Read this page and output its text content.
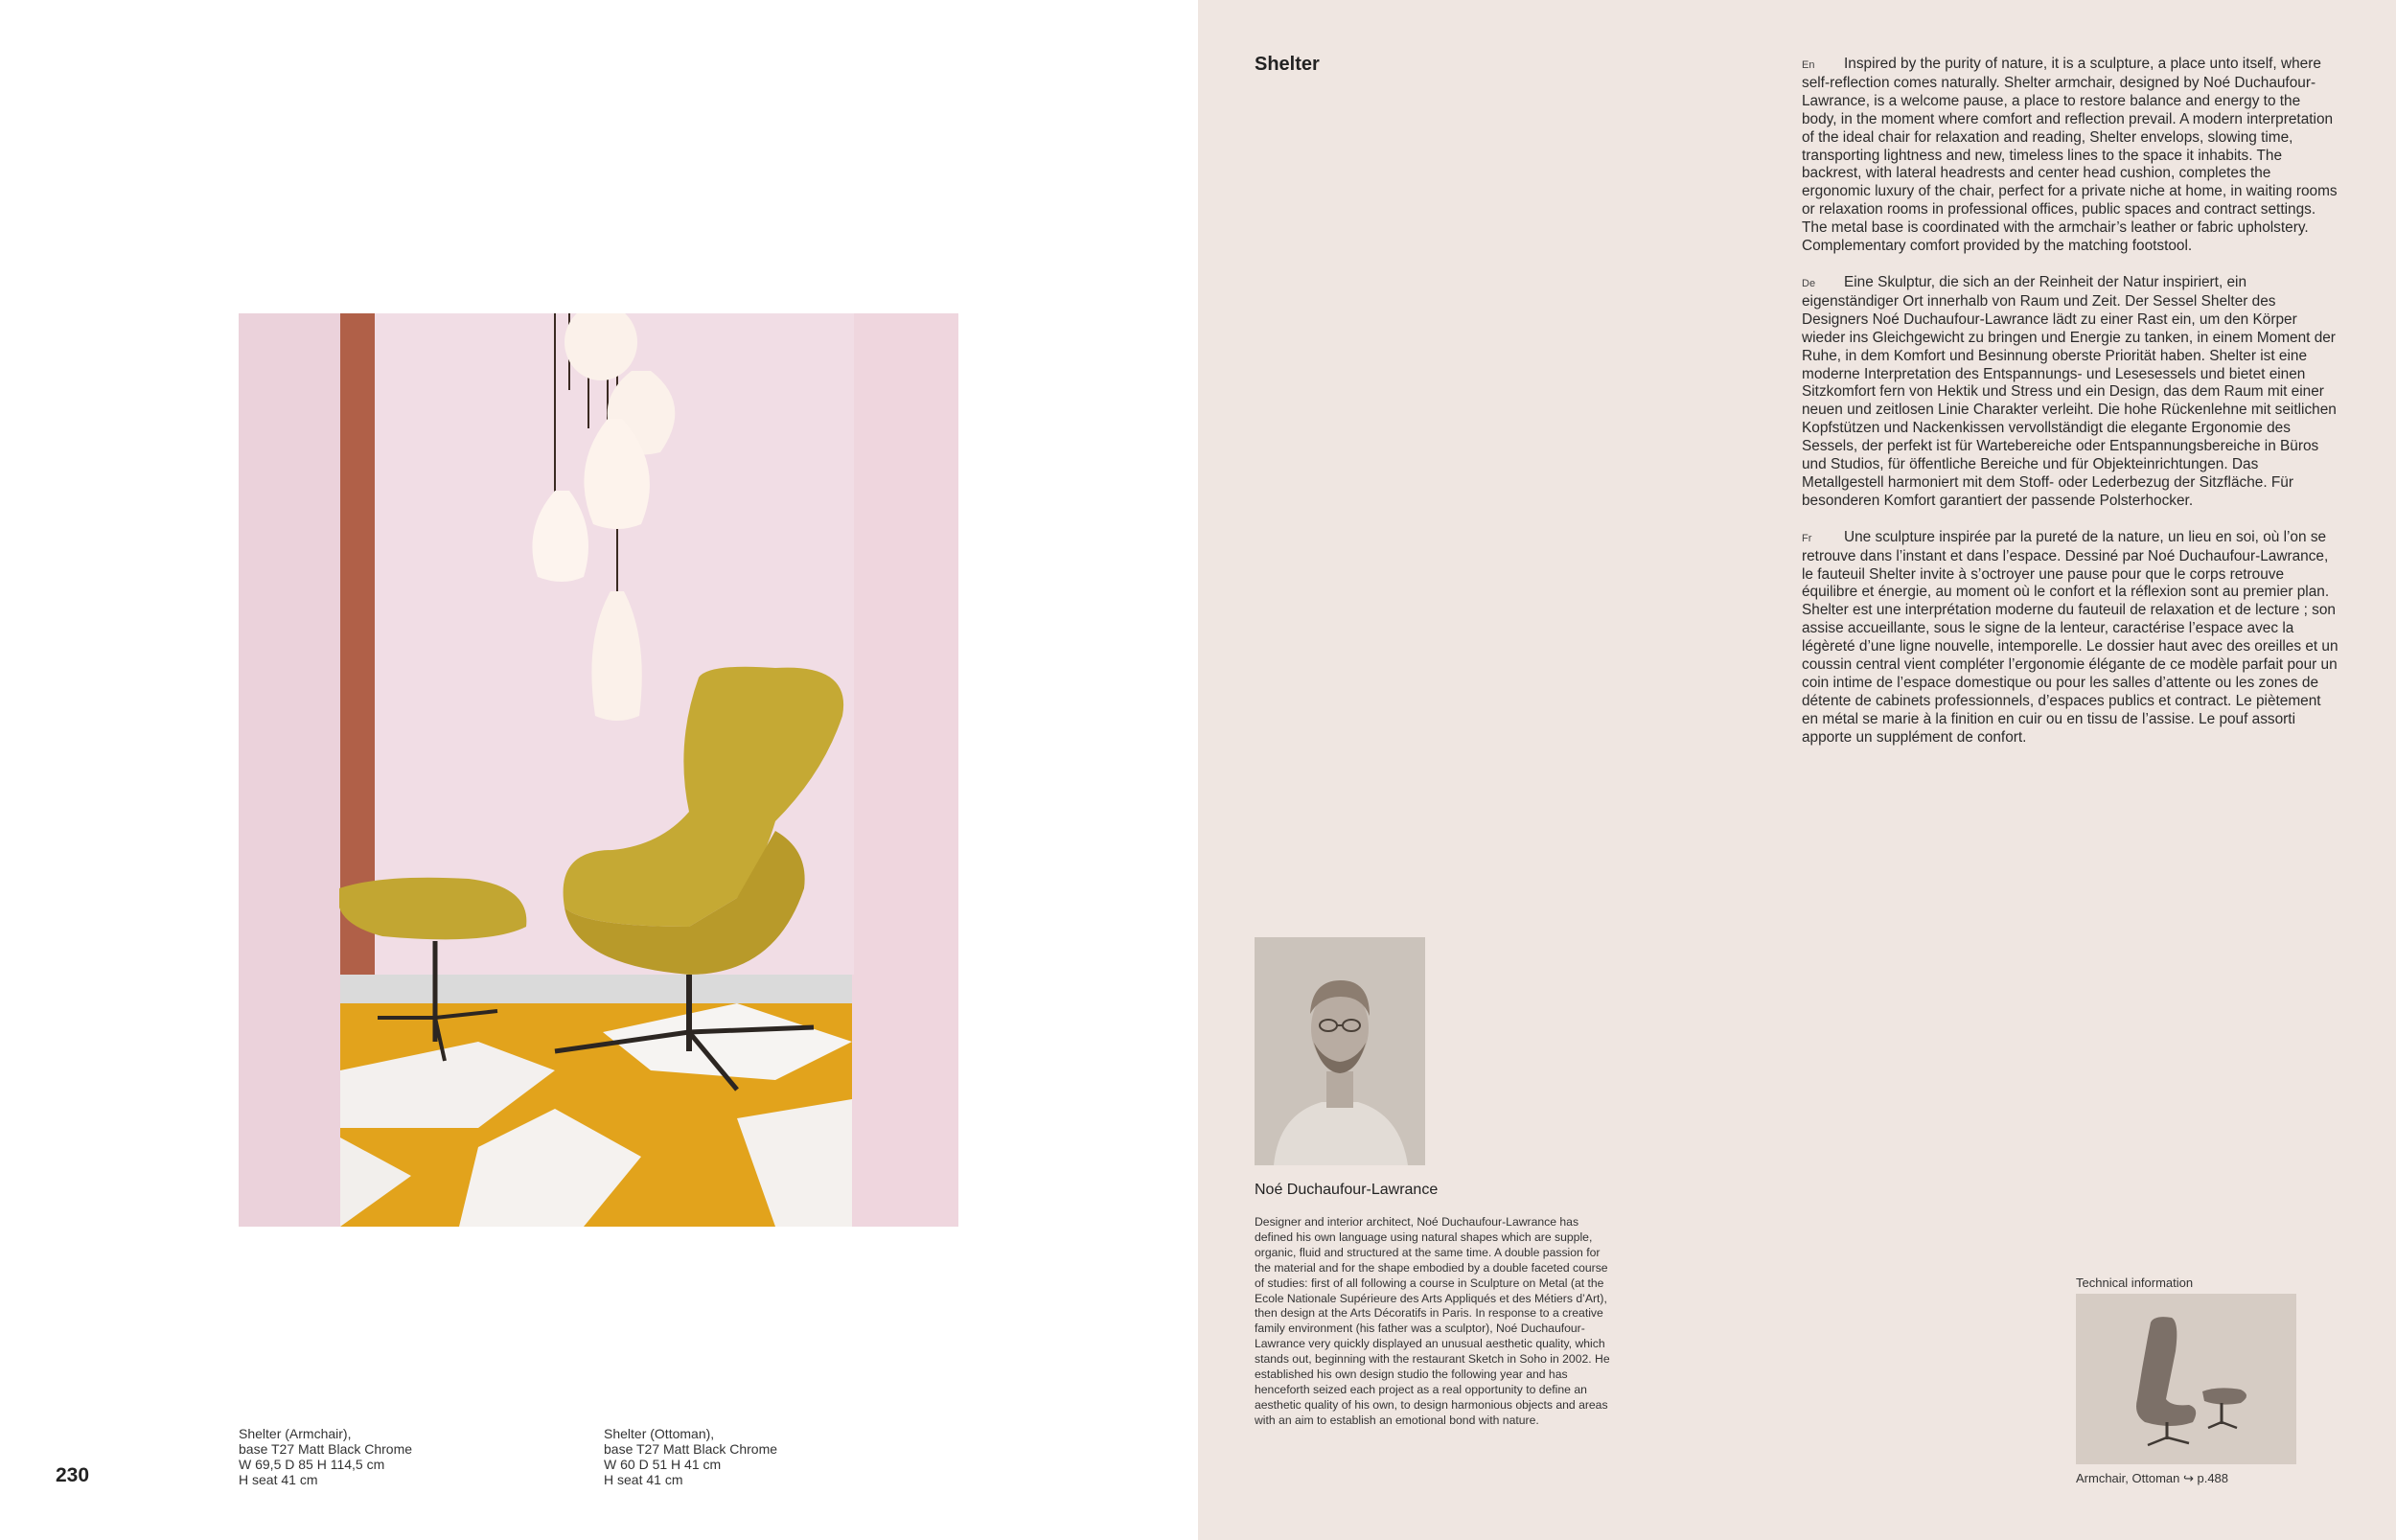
Shelter (Armchair),
base T27 Matt Black Chrome
W 69,5 D 85 H 114,5 cm
H seat 41 cm
Shelter (Ottoman),
base T27 Matt Black Chrome
W 60 D 51 H 41 cm
H seat 41 cm
230
Shelter	En Inspired by the purity of nature, it is a sculpture, a place unto itself, where self-reflection comes naturally. Shelter armchair, designed by Noé Duchaufour-Lawrance, is a welcome pause, a place to restore balance and energy to the body, in the moment where comfort and reflection prevail. A modern interpretation of the ideal chair for relaxation and reading, Shelter envelops, slowing time, transporting lightness and new, timeless lines to the space it inhabits. The backrest, with lateral headrests and center head cushion, completes the ergonomic luxury of the chair, perfect for a private niche at home, in waiting rooms or relaxation rooms in professional offices, public spaces and contract settings. The metal base is coordinated with the armchair’s leather or fabric upholstery. Complementary comfort provided by the matching footstool.

De Eine Skulptur, die sich an der Reinheit der Natur inspiriert, ein eigenständiger Ort innerhalb von Raum und Zeit. Der Sessel Shelter des Designers Noé Duchaufour-Lawrance lädt zu einer Rast ein, um den Körper wieder ins Gleichgewicht zu bringen und Energie zu tanken, in einem Moment der Ruhe, in dem Komfort und Besinnung oberste Priorität haben. Shelter ist eine moderne Interpretation des Entspannungs- und Lesesessels und bietet einen Sitzkomfort fern von Hektik und Stress und ein Design, das dem Raum mit einer neuen und zeitlosen Linie Charakter verleiht. Die hohe Rückenlehne mit seitlichen Kopfstützen und Nackenkissen vervollständigt die elegante Ergonomie des Sessels, der perfekt ist für Wartebereiche oder Entspannungsbereiche in Büros und Studios, für öffentliche Bereiche und für Objekteinrichtungen. Das Metallgestell harmoniert mit dem Stoff- oder Lederbezug der Sitzfläche. Für besonderen Komfort garantiert der passende Polsterhocker.

Fr Une sculpture inspirée par la pureté de la nature, un lieu en soi, où l’on se retrouve dans l’instant et dans l’espace. Dessiné par Noé Duchaufour-Lawrance, le fauteuil Shelter invite à s’octroyer une pause pour que le corps retrouve équilibre et énergie, au moment où le confort et la réflexion sont au premier plan. Shelter est une interprétation moderne du fauteuil de relaxation et de lecture ; son assise accueillante, sous le signe de la lenteur, caractérise l’espace avec la légèreté d’une ligne nouvelle, intemporelle. Le dossier haut avec des oreilles et un coussin central vient compléter l’ergonomie élégante de ce modèle parfait pour un coin intime de l’espace domestique ou pour les salles d’attente ou les zones de détente de cabinets professionnels, d’espaces publics et contract. Le piètement en métal se marie à la finition en cuir ou en tissu de l’assise. Le pouf assorti apporte un supplément de confort.

Noé Duchaufour-Lawrance

Designer and interior architect, Noé Duchaufour-Lawrance has defined his own language using natural shapes which are supple, organic, fluid and structured at the same time. A double passion for the material and for the shape embodied by a double faceted course of studies: first of all following a course in Sculpture on Metal (at the Ecole Nationale Supérieure des Arts Appliqués et des Métiers d’Art), then design at the Arts Décoratifs in Paris. In response to a creative family environment (his father was a sculptor), Noé Duchaufour-Lawrance very quickly displayed an unusual aesthetic quality, which stands out, beginning with the restaurant Sketch in Soho in 2002. He established his own design studio the following year and has henceforth seized each project as a real opportunity to define an aesthetic quality of his own, to design harmonious objects and areas with an aim to establish an emotional bond with nature.

Technical information
Armchair, Ottoman ↪ p.488
